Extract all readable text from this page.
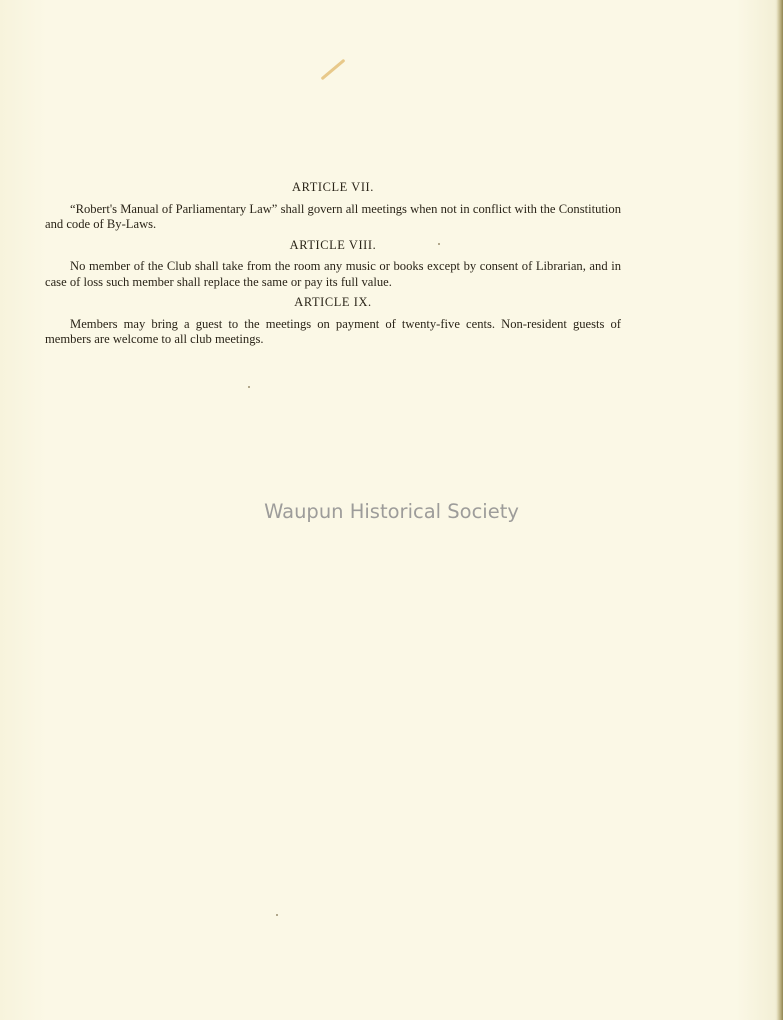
ARTICLE VII.

“Robert's Manual of Parliamentary Law” shall govern all meetings when not in conflict with the Constitution and code of By-Laws.

ARTICLE VIII.

No member of the Club shall take from the room any music or books except by consent of Librarian, and in case of loss such member shall replace the same or pay its full value.

ARTICLE IX.

Members may bring a guest to the meetings on payment of twenty-five cents. Non-resident guests of members are welcome to all club meetings.

Waupun Historical Society
